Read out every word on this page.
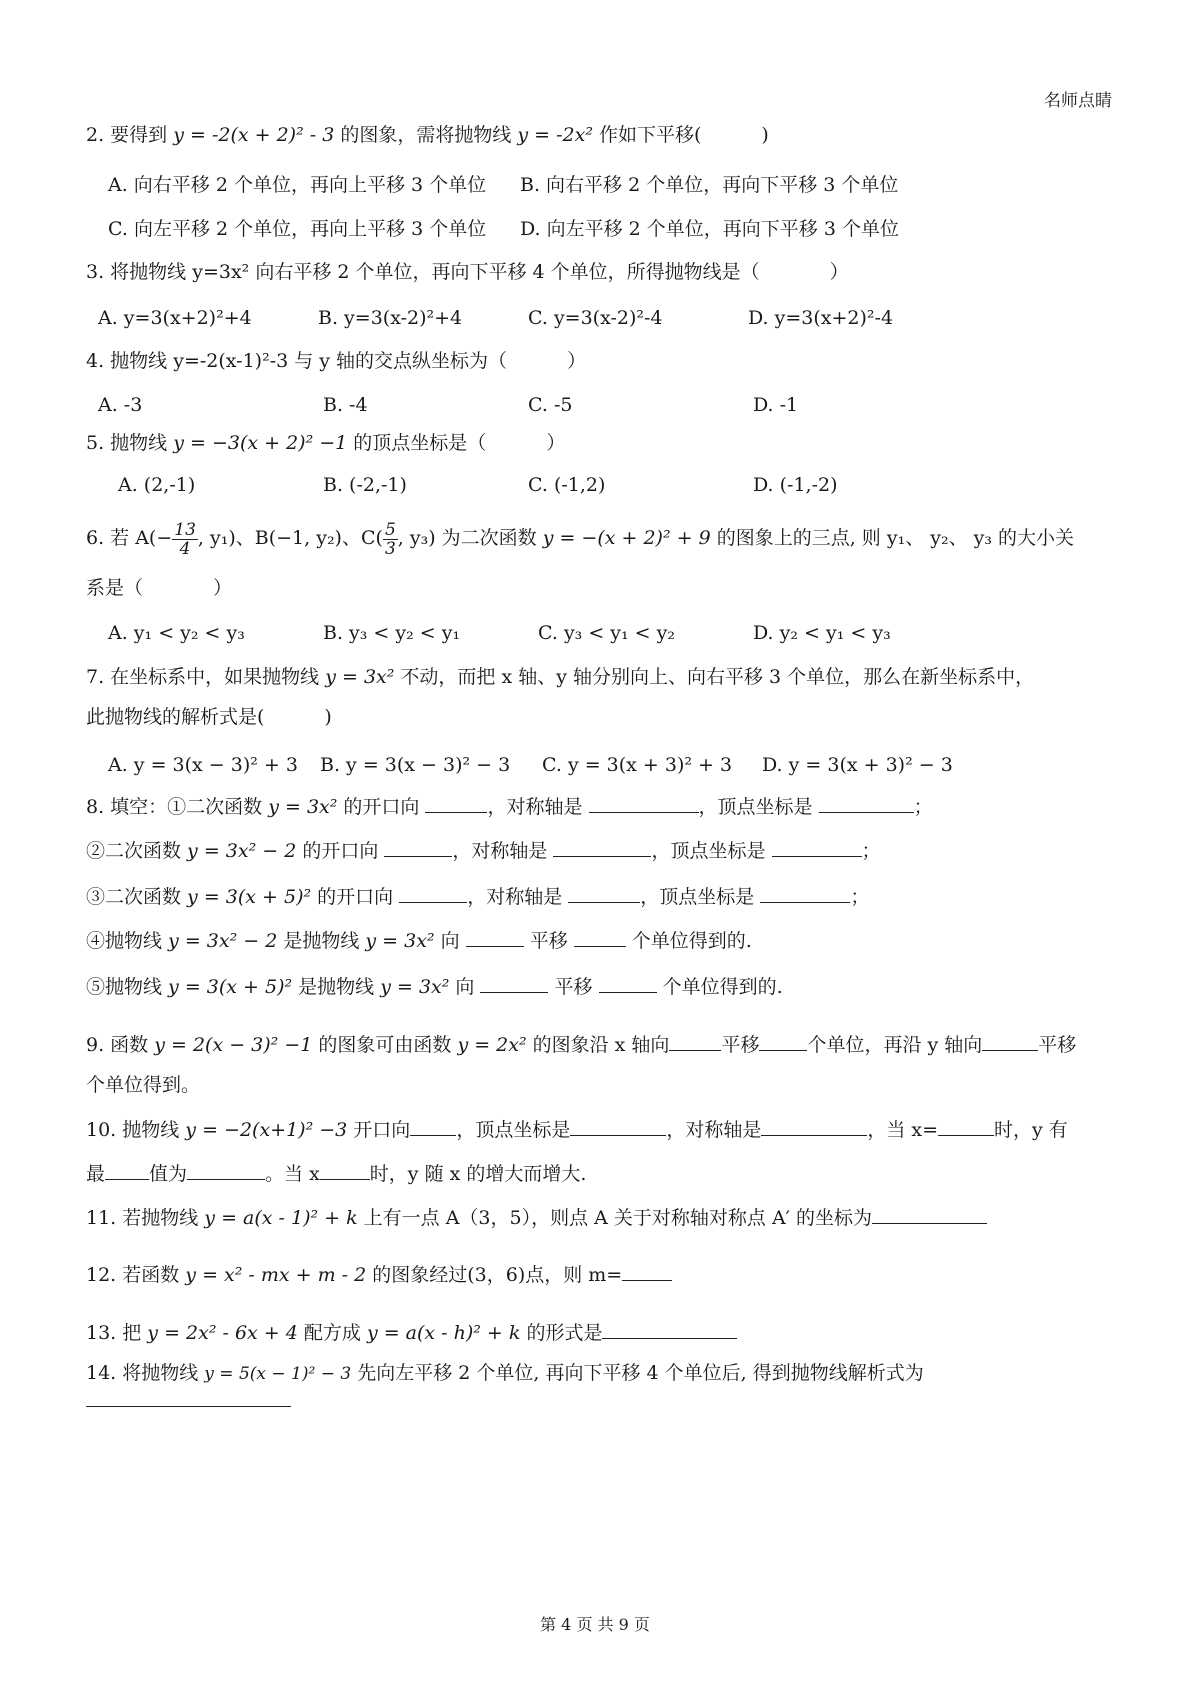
名师点睛

2. 要得到 y = -2(x + 2)² - 3 的图象，需将抛物线 y = -2x² 作如下平移(	)

A. 向右平移 2 个单位，再向上平移 3 个单位	B. 向右平移 2 个单位，再向下平移 3 个单位
C. 向左平移 2 个单位，再向上平移 3 个单位	D. 向左平移 2 个单位，再向下平移 3 个单位

3. 将抛物线 y=3x² 向右平移 2 个单位，再向下平移 4 个单位，所得抛物线是（	）

A. y=3(x+2)²+4	B. y=3(x-2)²+4	C. y=3(x-2)²-4	D. y=3(x+2)²-4

4. 抛物线 y=-2(x-1)²-3 与 y 轴的交点纵坐标为（	）

A. -3	B. -4	C. -5	D. -1

5. 抛物线 y = −3(x + 2)² −1 的顶点坐标是（	）

A. (2,-1)	B. (-2,-1)	C. (-1,2)	D. (-1,-2)

6. 若 $A(- \frac{13}{4}$ , y₁)、B(−1, y₂)、$C( \frac{5}{3}$ , y₃) 为二次函数 y = −(x + 2)² + 9 的图象上的三点, 则 y₁、 y₂、 y₃ 的大小关

系是（	）

A. y₁ < y₂ < y₃	B. y₃ < y₂ < y₁	C. y₃ < y₁ < y₂	D. y₂ < y₁ < y₃

7. 在坐标系中，如果抛物线 y = 3x² 不动，而把 x 轴、y 轴分别向上、向右平移 3 个单位，那么在新坐标系中，

此抛物线的解析式是(	)

A. y = 3(x − 3)² + 3	B. y = 3(x − 3)² − 3	C. y = 3(x + 3)² + 3	D. y = 3(x + 3)² − 3

8. 填空：①二次函数 y = 3x² 的开口向	，对称轴是	，顶点坐标是	；

②二次函数 y = 3x² − 2 的开口向	，对称轴是	，顶点坐标是	；

③二次函数 y = 3(x + 5)² 的开口向	，对称轴是	，顶点坐标是	；

④抛物线 y = 3x² − 2 是抛物线 y = 3x² 向	平移	个单位得到的.

⑤抛物线 y = 3(x + 5)² 是抛物线 y = 3x² 向	平移	个单位得到的.

9. 函数 y = 2(x − 3)² −1 的图象可由函数 y = 2x² 的图象沿 x 轴向	平移	个单位，再沿 y 轴向	平移

个单位得到。

10. 抛物线 y = −2(x+1)² −3 开口向 ，顶点坐标是	，对称轴是	，当 x=	时，y 有

最 值为	。当 x	时，y 随 x 的增大而增大.

11. 若抛物线 y = a(x - 1)² + k 上有一点 A（3，5），则点 A 关于对称轴对称点 A′ 的坐标为

12. 若函数 y = x² - mx + m - 2 的图象经过(3，6)点，则 m=

13. 把 y = 2x² - 6x + 4 配方成 y = a(x - h)² + k 的形式是

14. 将抛物线 y = 5(x − 1)² − 3 先向左平移 2 个单位, 再向下平移 4 个单位后, 得到抛物线解析式为

第 4 页 共 9 页
